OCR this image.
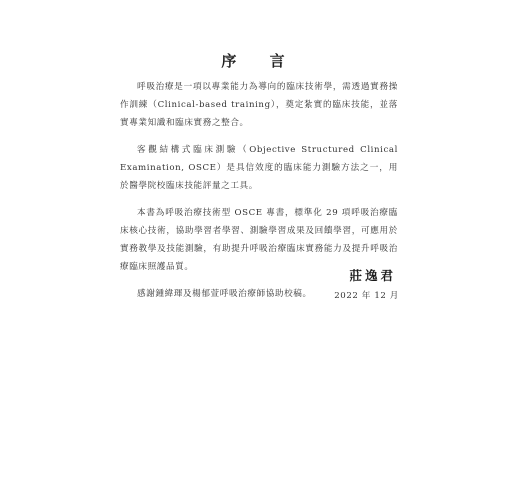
序 言

呼吸治療是一項以專業能力為導向的臨床技術學，需透過實務操作訓練（Clinical-based training），奠定紮實的臨床技能，並落實專業知識和臨床實務之整合。

客觀結構式臨床測驗（Objective Structured Clinical Examination, OSCE）是具信效度的臨床能力測驗方法之一，用於醫學院校臨床技能評量之工具。

本書為呼吸治療技術型 OSCE 專書，標準化 29 項呼吸治療臨床核心技術，協助學習者學習、測驗學習成果及回饋學習，可應用於實務教學及技能測驗，有助提升呼吸治療臨床實務能力及提升呼吸治療臨床照護品質。

感謝鍾緯琿及楊郁萱呼吸治療師協助校稿。

莊逸君
2022 年 12 月
